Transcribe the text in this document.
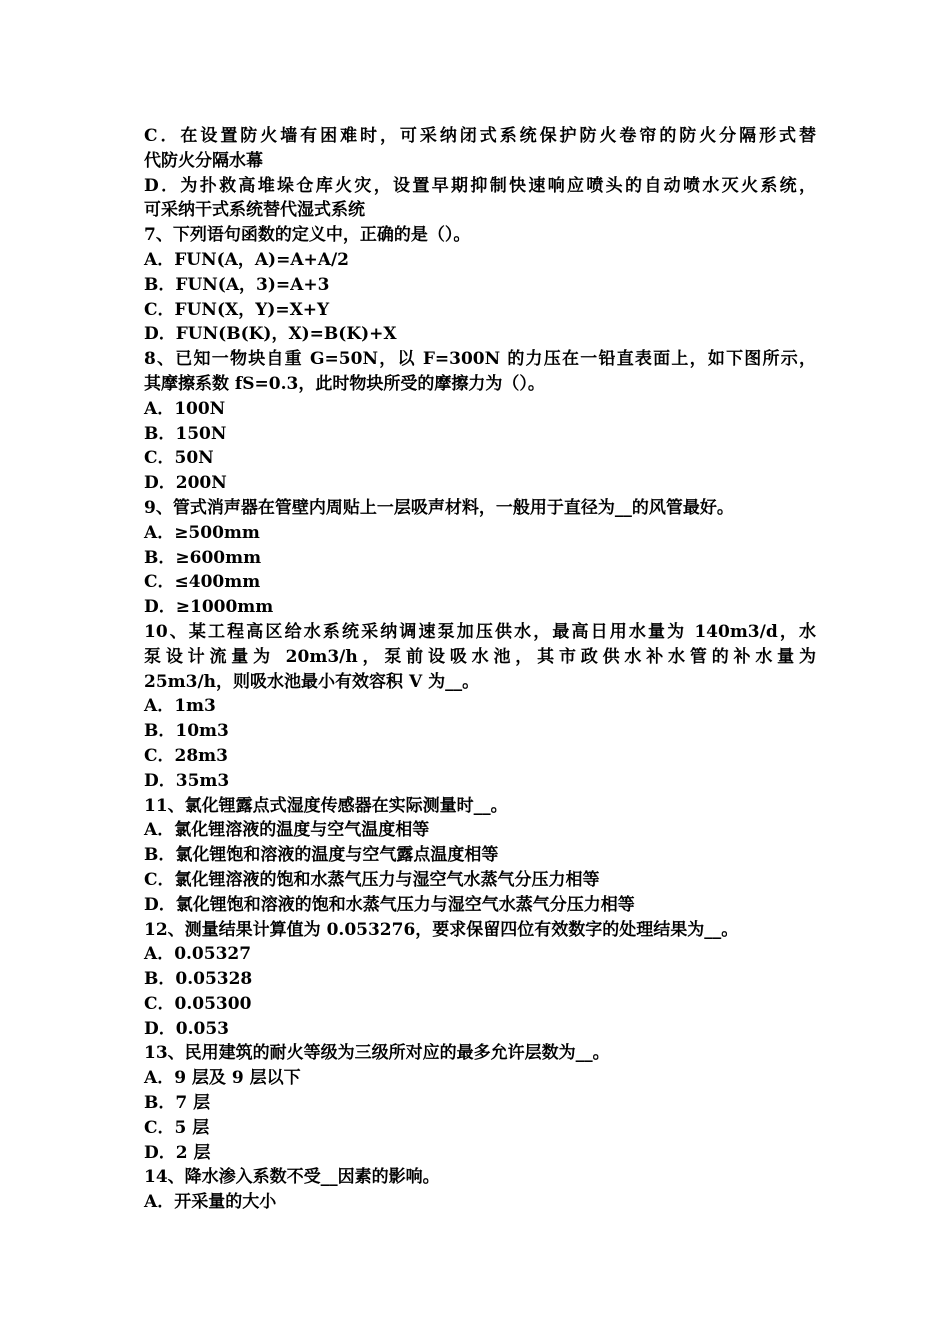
C．在设置防火墙有困难时，可采纳闭式系统保护防火卷帘的防火分隔形式替
代防火分隔水幕
D．为扑救高堆垛仓库火灾，设置早期抑制快速响应喷头的自动喷水灭火系统，
可采纳干式系统替代湿式系统
7、下列语句函数的定义中，正确的是（）。
A．FUN(A，A)=A+A/2
B．FUN(A，3)=A+3
C．FUN(X，Y)=X+Y
D．FUN(B(K)，X)=B(K)+X
8、已知一物块自重 G=50N，以 F=300N 的力压在一铅直表面上，如下图所示，
其摩擦系数 fS=0.3，此时物块所受的摩擦力为（）。
A．100N
B．150N
C．50N
D．200N
9、管式消声器在管壁内周贴上一层吸声材料，一般用于直径为__的风管最好。
A．≥500mm
B．≥600mm
C．≤400mm
D．≥1000mm
10、某工程高区给水系统采纳调速泵加压供水，最高日用水量为 140m3/d，水
泵设计流量为 20m3/h，泵前设吸水池，其市政供水补水管的补水量为
25m3/h，则吸水池最小有效容积 V 为__。
A．1m3
B．10m3
C．28m3
D．35m3
11、氯化锂露点式湿度传感器在实际测量时__。
A．氯化锂溶液的温度与空气温度相等
B．氯化锂饱和溶液的温度与空气露点温度相等
C．氯化锂溶液的饱和水蒸气压力与湿空气水蒸气分压力相等
D．氯化锂饱和溶液的饱和水蒸气压力与湿空气水蒸气分压力相等
12、测量结果计算值为 0.053276，要求保留四位有效数字的处理结果为__。
A．0.05327
B．0.05328
C．0.05300
D．0.053
13、民用建筑的耐火等级为三级所对应的最多允许层数为__。
A．9 层及 9 层以下
B．7 层
C．5 层
D．2 层
14、降水渗入系数不受__因素的影响。
A．开采量的大小
